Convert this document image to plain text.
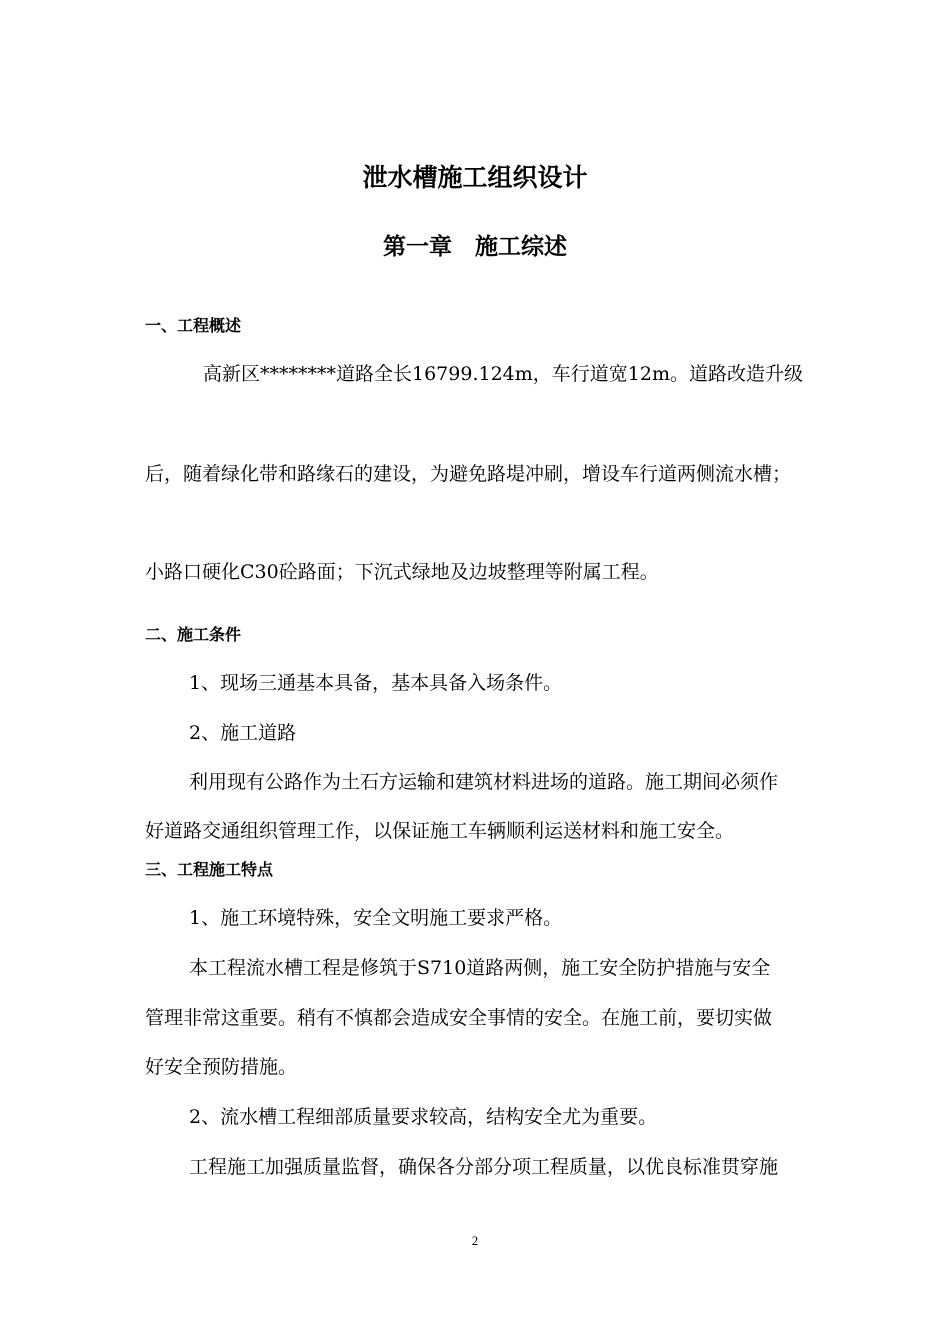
泄水槽施工组织设计
第一章　施工综述
一、工程概述

高新区********道路全长16799.124m，车行道宽12m。道路改造升级

后，随着绿化带和路缘石的建设，为避免路堤冲刷，增设车行道两侧流水槽；

小路口硬化C30砼路面；下沉式绿地及边坡整理等附属工程。

二、施工条件

1、现场三通基本具备，基本具备入场条件。

2、施工道路

利用现有公路作为土石方运输和建筑材料进场的道路。施工期间必须作

好道路交通组织管理工作，以保证施工车辆顺利运送材料和施工安全。

三、工程施工特点

1、施工环境特殊，安全文明施工要求严格。

本工程流水槽工程是修筑于S710道路两侧，施工安全防护措施与安全

管理非常这重要。稍有不慎都会造成安全事情的安全。在施工前，要切实做

好安全预防措施。

2、流水槽工程细部质量要求较高，结构安全尤为重要。

工程施工加强质量监督，确保各分部分项工程质量，以优良标准贯穿施

2
